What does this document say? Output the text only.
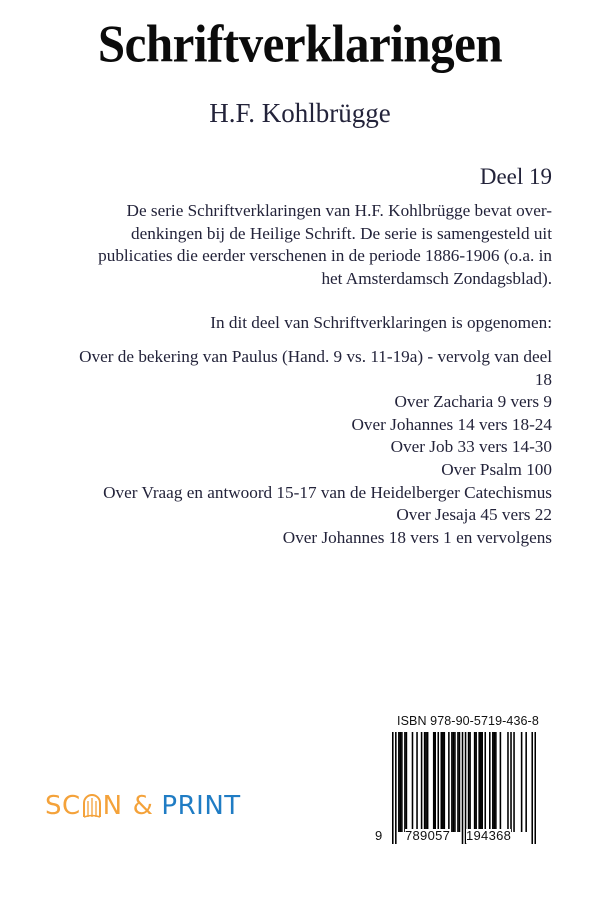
Schriftverklaringen
H.F. Kohlbrügge
Deel 19
De serie Schriftverklaringen van H.F. Kohlbrügge bevat over-
denkingen bij de Heilige Schrift. De serie is samengesteld uit
publicaties die eerder verschenen in de periode 1886-1906 (o.a. in
het Amsterdamsch Zondagsblad).
In dit deel van Schriftverklaringen is opgenomen:
Over de bekering van Paulus (Hand. 9 vs. 11-19a) - vervolg van deel
18
Over Zacharia 9 vers 9
Over Johannes 14 vers 18-24
Over Job 33 vers 14-30
Over Psalm 100
Over Vraag en antwoord 15-17 van de Heidelberger Catechismus
Over Jesaja 45 vers 22
Over Johannes 18 vers 1 en vervolgens
SC N & PRINT
ISBN 978-90-5719-436-8
9 789057 194368
